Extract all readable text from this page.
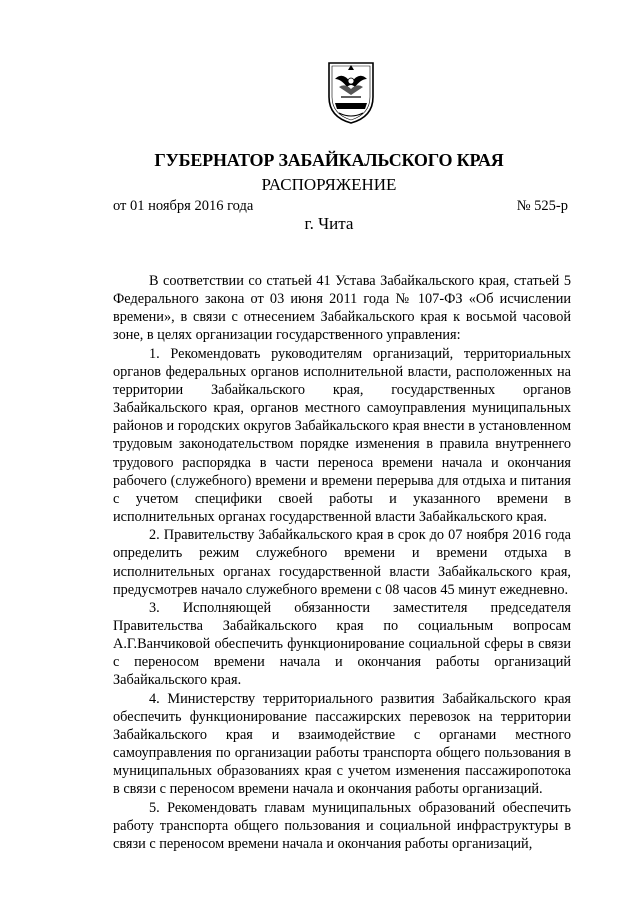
ГУБЕРНАТОР ЗАБАЙКАЛЬСКОГО КРАЯ
РАСПОРЯЖЕНИЕ
от 01 ноября 2016 года	№ 525-р
г. Чита

В соответствии со статьей 41 Устава Забайкальского края, статьей 5 Федерального закона от 03 июня 2011 года № 107-ФЗ «Об исчислении времени», в связи с отнесением Забайкальского края к восьмой часовой зоне, в целях организации государственного управления:

1. Рекомендовать руководителям организаций, территориальных органов федеральных органов исполнительной власти, расположенных на территории Забайкальского края, государственных органов Забайкальского края, органов местного самоуправления муниципальных районов и городских округов Забайкальского края внести в установленном трудовым законодательством порядке изменения в правила внутреннего трудового распорядка в части переноса времени начала и окончания рабочего (служебного) времени и времени перерыва для отдыха и питания с учетом специфики своей работы и указанного времени в исполнительных органах государственной власти Забайкальского края.

2. Правительству Забайкальского края в срок до 07 ноября 2016 года определить режим служебного времени и времени отдыха в исполнительных органах государственной власти Забайкальского края, предусмотрев начало служебного времени с 08 часов 45 минут ежедневно.

3. Исполняющей обязанности заместителя председателя Правительства Забайкальского края по социальным вопросам А.Г.Ванчиковой обеспечить функционирование социальной сферы в связи с переносом времени начала и окончания работы организаций Забайкальского края.

4. Министерству территориального развития Забайкальского края обеспечить функционирование пассажирских перевозок на территории Забайкальского края и взаимодействие с органами местного самоуправления по организации работы транспорта общего пользования в муниципальных образованиях края с учетом изменения пассажиропотока в связи с переносом времени начала и окончания работы организаций.

5. Рекомендовать главам муниципальных образований обеспечить работу транспорта общего пользования и социальной инфраструктуры в связи с переносом времени начала и окончания работы организаций,
